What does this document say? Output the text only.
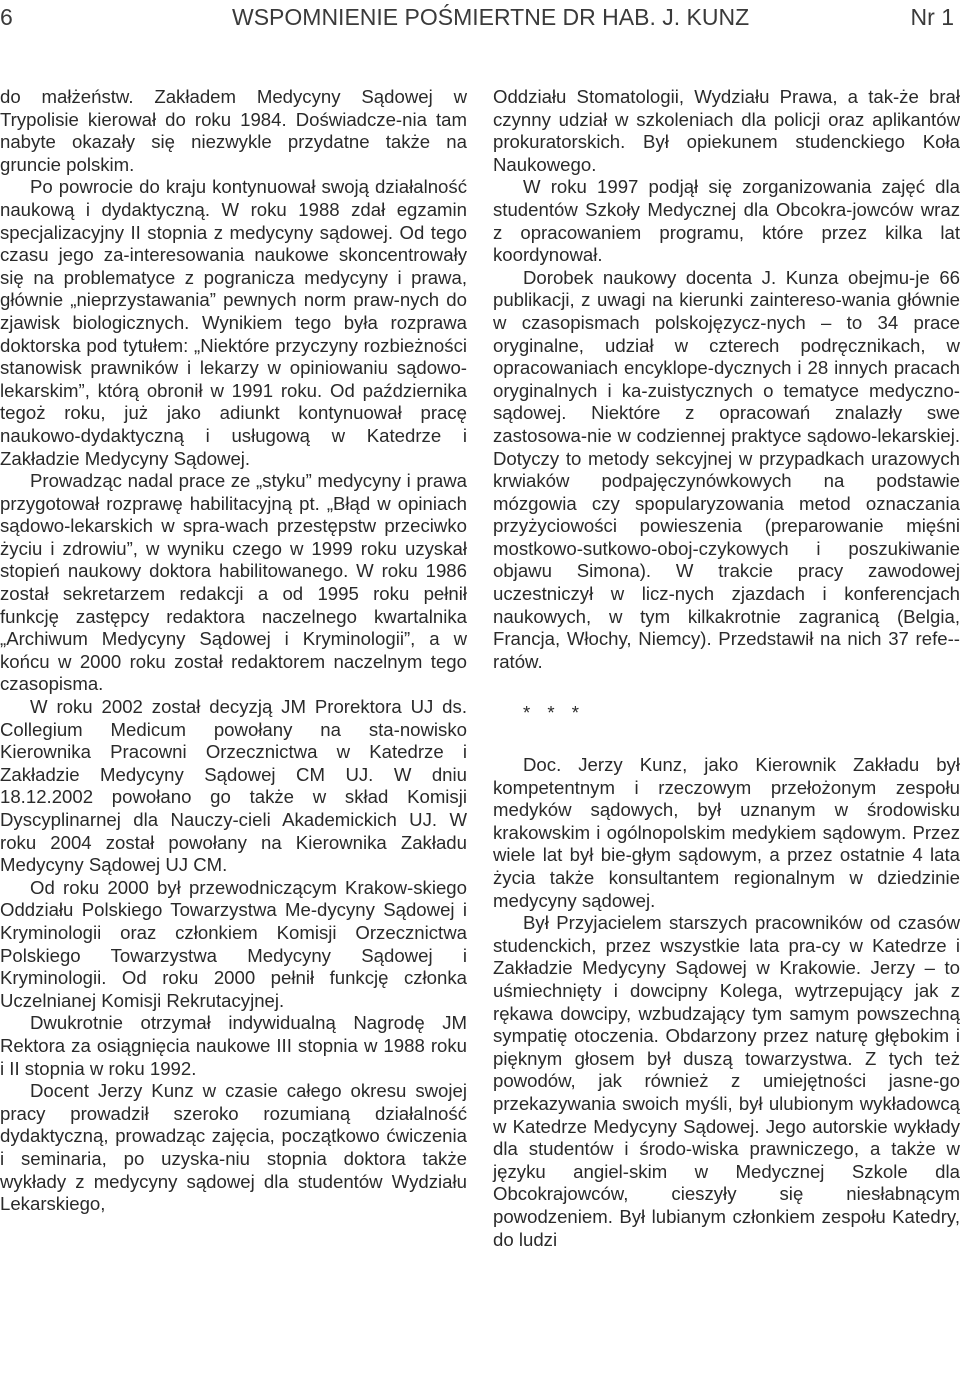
6	WSPOMNIENIE POŚMIERTNE DR HAB. J. KUNZ	Nr 1

do małżeństw. Zakładem Medycyny Sądowej w Trypolisie kierował do roku 1984. Doświadcze-nia tam nabyte okazały się niezwykle przydatne także na gruncie polskim.

Po powrocie do kraju kontynuował swoją działalność naukową i dydaktyczną. W roku 1988 zdał egzamin specjalizacyjny II stopnia z medycyny sądowej. Od tego czasu jego za-interesowania naukowe skoncentrowały się na problematyce z pogranicza medycyny i prawa, głównie „nieprzystawania” pewnych norm praw-nych do zjawisk biologicznych. Wynikiem tego była rozprawa doktorska pod tytułem: „Niektóre przyczyny rozbieżności stanowisk prawników i lekarzy w opiniowaniu sądowo-lekarskim”, którą obronił w 1991 roku. Od października tegoż roku, już jako adiunkt kontynuował pracę naukowo-dydaktyczną i usługową w Katedrze i Zakładzie Medycyny Sądowej.

Prowadząc nadal prace ze „styku” medycyny i prawa przygotował rozprawę habilitacyjną pt. „Błąd w opiniach sądowo-lekarskich w spra-wach przestępstw przeciwko życiu i zdrowiu”, w wyniku czego w 1999 roku uzyskał stopień naukowy doktora habilitowanego. W roku 1986 został sekretarzem redakcji a od 1995 roku pełnił funkcję zastępcy redaktora naczelnego kwartalnika „Archiwum Medycyny Sądowej i Kryminologii”, a w końcu w 2000 roku został redaktorem naczelnym tego czasopisma.

W roku 2002 został decyzją JM Prorektora UJ ds. Collegium Medicum powołany na sta-nowisko Kierownika Pracowni Orzecznictwa w Katedrze i Zakładzie Medycyny Sądowej CM UJ. W dniu 18.12.2002 powołano go także w skład Komisji Dyscyplinarnej dla Nauczy-cieli Akademickich UJ. W roku 2004 został powołany na Kierownika Zakładu Medycyny Sądowej UJ CM.

Od roku 2000 był przewodniczącym Krakow-skiego Oddziału Polskiego Towarzystwa Me-dycyny Sądowej i Kryminologii oraz członkiem Komisji Orzecznictwa Polskiego Towarzystwa Medycyny Sądowej i Kryminologii. Od roku 2000 pełnił funkcję członka Uczelnianej Komisji Rekrutacyjnej.

Dwukrotnie otrzymał indywidualną Nagrodę JM Rektora za osiągnięcia naukowe III stopnia w 1988 roku i II stopnia w roku 1992.

Docent Jerzy Kunz w czasie całego okresu swojej pracy prowadził szeroko rozumianą działalność dydaktyczną, prowadząc zajęcia, początkowo ćwiczenia i seminaria, po uzyska-niu stopnia doktora także wykłady z medycyny sądowej dla studentów Wydziału Lekarskiego,

Oddziału Stomatologii, Wydziału Prawa, a tak-że brał czynny udział w szkoleniach dla policji oraz aplikantów prokuratorskich. Był opiekunem studenckiego Koła Naukowego.

W roku 1997 podjął się zorganizowania zajęć dla studentów Szkoły Medycznej dla Obcokra-jowców wraz z opracowaniem programu, które przez kilka lat koordynował.

Dorobek naukowy docenta J. Kunza obejmu-je 66 publikacji, z uwagi na kierunki zaintereso-wania głównie w czasopismach polskojęzycz-nych – to 34 prace oryginalne, udział w czterech podręcznikach, w opracowaniach encyklope-dycznych i 28 innych pracach oryginalnych i ka-zuistycznych o tematyce medyczno-sądowej. Niektóre z opracowań znalazły swe zastosowa-nie w codziennej praktyce sądowo-lekarskiej. Dotyczy to metody sekcyjnej w przypadkach urazowych krwiaków podpajęczynówkowych na podstawie mózgowia czy spopularyzowania metod oznaczania przyżyciowości powieszenia (preparowanie mięśni mostkowo-sutkowo-oboj-czykowych i poszukiwanie objawu Simona). W trakcie pracy zawodowej uczestniczył w licz-nych zjazdach i konferencjach naukowych, w tym kilkakrotnie zagranicą (Belgia, Francja, Włochy, Niemcy). Przedstawił na nich 37 refe-ratów.

* * *

Doc. Jerzy Kunz, jako Kierownik Zakładu był kompetentnym i rzeczowym przełożonym zespołu medyków sądowych, był uznanym w środowisku krakowskim i ogólnopolskim medykiem sądowym. Przez wiele lat był bie-głym sądowym, a przez ostatnie 4 lata życia także konsultantem regionalnym w dziedzinie medycyny sądowej.

Był Przyjacielem starszych pracowników od czasów studenckich, przez wszystkie lata pra-cy w Katedrze i Zakładzie Medycyny Sądowej w Krakowie. Jerzy – to uśmiechnięty i dowcipny Kolega, wytrzepujący jak z rękawa dowcipy, wzbudzający tym samym powszechną sympatię otoczenia. Obdarzony przez naturę głębokim i pięknym głosem był duszą towarzystwa. Z tych też powodów, jak również z umiejętności jasne-go przekazywania swoich myśli, był ulubionym wykładowcą w Katedrze Medycyny Sądowej. Jego autorskie wykłady dla studentów i środo-wiska prawniczego, a także w języku angiel-skim w Medycznej Szkole dla Obcokrajowców, cieszyły się niesłabnącym powodzeniem. Był lubianym członkiem zespołu Katedry, do ludzi
